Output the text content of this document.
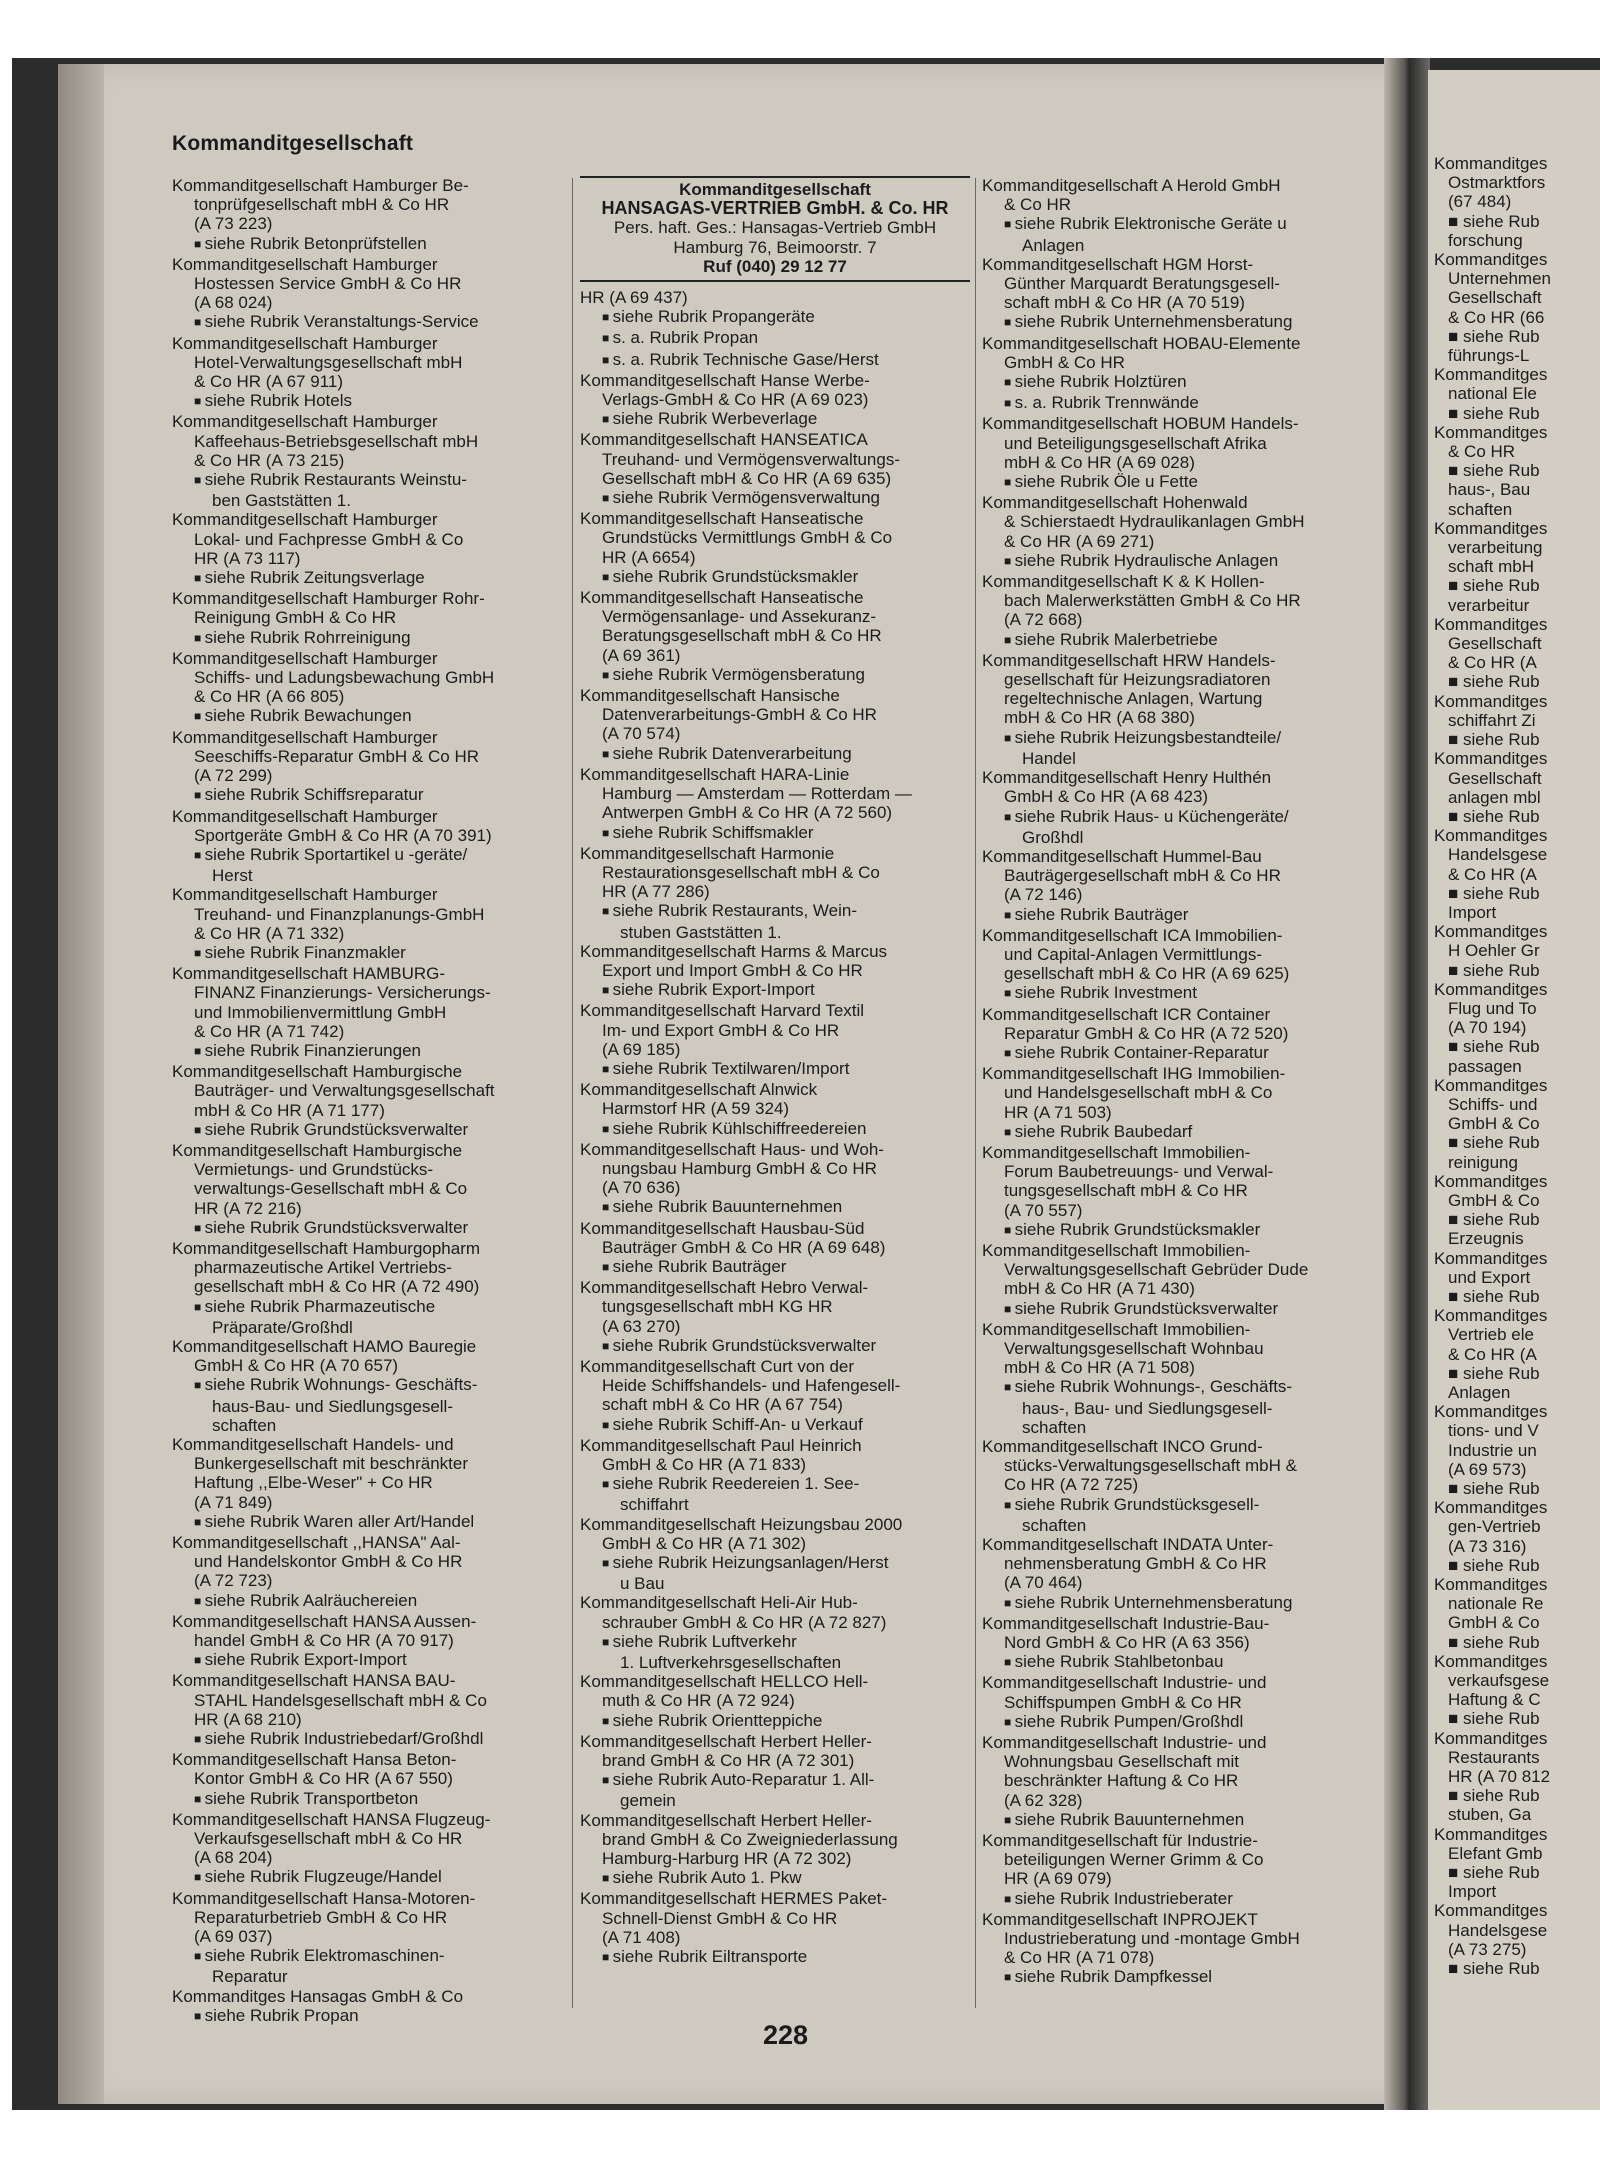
Kommanditgesellschaft
Kommanditgesellschaft Hamburger Be-
tonprüfgesellschaft mbH & Co HR
(A 73 223)
■ siehe Rubrik Betonprüfstellen
Kommanditgesellschaft Hamburger
Hostessen Service GmbH & Co HR
(A 68 024)
■ siehe Rubrik Veranstaltungs-Service
Kommanditgesellschaft Hamburger
Hotel-Verwaltungsgesellschaft mbH
& Co HR (A 67 911)
■ siehe Rubrik Hotels
Kommanditgesellschaft Hamburger
Kaffeehaus-Betriebsgesellschaft mbH
& Co HR (A 73 215)
■ siehe Rubrik Restaurants Weinstu-
ben Gaststätten 1.
Kommanditgesellschaft Hamburger
Lokal- und Fachpresse GmbH & Co
HR (A 73 117)
■ siehe Rubrik Zeitungsverlage
Kommanditgesellschaft Hamburger Rohr-
Reinigung GmbH & Co HR
■ siehe Rubrik Rohrreinigung
Kommanditgesellschaft Hamburger
Schiffs- und Ladungsbewachung GmbH
& Co HR (A 66 805)
■ siehe Rubrik Bewachungen
Kommanditgesellschaft Hamburger
Seeschiffs-Reparatur GmbH & Co HR
(A 72 299)
■ siehe Rubrik Schiffsreparatur
Kommanditgesellschaft Hamburger
Sportgeräte GmbH & Co HR (A 70 391)
■ siehe Rubrik Sportartikel u -geräte/
Herst
Kommanditgesellschaft Hamburger
Treuhand- und Finanzplanungs-GmbH
& Co HR (A 71 332)
■ siehe Rubrik Finanzmakler
Kommanditgesellschaft HAMBURG-
FINANZ Finanzierungs- Versicherungs-
und Immobilienvermittlung GmbH
& Co HR (A 71 742)
■ siehe Rubrik Finanzierungen
Kommanditgesellschaft Hamburgische
Bauträger- und Verwaltungsgesellschaft
mbH & Co HR (A 71 177)
■ siehe Rubrik Grundstücksverwalter
Kommanditgesellschaft Hamburgische
Vermietungs- und Grundstücks-
verwaltungs-Gesellschaft mbH & Co
HR (A 72 216)
■ siehe Rubrik Grundstücksverwalter
Kommanditgesellschaft Hamburgopharm
pharmazeutische Artikel Vertriebs-
gesellschaft mbH & Co HR (A 72 490)
■ siehe Rubrik Pharmazeutische
Präparate/Großhdl
Kommanditgesellschaft HAMO Bauregie
GmbH & Co HR (A 70 657)
■ siehe Rubrik Wohnungs- Geschäfts-
haus-Bau- und Siedlungsgesell-
schaften
Kommanditgesellschaft Handels- und
Bunkergesellschaft mit beschränkter
Haftung ,,Elbe-Weser" + Co HR
(A 71 849)
■ siehe Rubrik Waren aller Art/Handel
Kommanditgesellschaft ,,HANSA" Aal-
und Handelskontor GmbH & Co HR
(A 72 723)
■ siehe Rubrik Aalräuchereien
Kommanditgesellschaft HANSA Aussen-
handel GmbH & Co HR (A 70 917)
■ siehe Rubrik Export-Import
Kommanditgesellschaft HANSA BAU-
STAHL Handelsgesellschaft mbH & Co
HR (A 68 210)
■ siehe Rubrik Industriebedarf/Großhdl
Kommanditgesellschaft Hansa Beton-
Kontor GmbH & Co HR (A 67 550)
■ siehe Rubrik Transportbeton
Kommanditgesellschaft HANSA Flugzeug-
Verkaufsgesellschaft mbH & Co HR
(A 68 204)
■ siehe Rubrik Flugzeuge/Handel
Kommanditgesellschaft Hansa-Motoren-
Reparaturbetrieb GmbH & Co HR
(A 69 037)
■ siehe Rubrik Elektromaschinen-
Reparatur
Kommanditges Hansagas GmbH & Co
■ siehe Rubrik Propan
Kommanditgesellschaft
HANSAGAS-VERTRIEB GmbH. & Co. HR
Pers. haft. Ges.: Hansagas-Vertrieb GmbH
Hamburg 76, Beimoorstr. 7
Ruf (040) 29 12 77
HR (A 69 437)
■ siehe Rubrik Propangeräte
■ s. a. Rubrik Propan
■ s. a. Rubrik Technische Gase/Herst
Kommanditgesellschaft Hanse Werbe-
Verlags-GmbH & Co HR (A 69 023)
■ siehe Rubrik Werbeverlage
Kommanditgesellschaft HANSEATICA
Treuhand- und Vermögensverwaltungs-
Gesellschaft mbH & Co HR (A 69 635)
■ siehe Rubrik Vermögensverwaltung
Kommanditgesellschaft Hanseatische
Grundstücks Vermittlungs GmbH & Co
HR (A 6654)
■ siehe Rubrik Grundstücksmakler
Kommanditgesellschaft Hanseatische
Vermögensanlage- und Assekuranz-
Beratungsgesellschaft mbH & Co HR
(A 69 361)
■ siehe Rubrik Vermögensberatung
Kommanditgesellschaft Hansische
Datenverarbeitungs-GmbH & Co HR
(A 70 574)
■ siehe Rubrik Datenverarbeitung
Kommanditgesellschaft HARA-Linie
Hamburg — Amsterdam — Rotterdam —
Antwerpen GmbH & Co HR (A 72 560)
■ siehe Rubrik Schiffsmakler
Kommanditgesellschaft Harmonie
Restaurationsgesellschaft mbH & Co
HR (A 77 286)
■ siehe Rubrik Restaurants, Wein-
stuben Gaststätten 1.
Kommanditgesellschaft Harms & Marcus
Export und Import GmbH & Co HR
■ siehe Rubrik Export-Import
Kommanditgesellschaft Harvard Textil
Im- und Export GmbH & Co HR
(A 69 185)
■ siehe Rubrik Textilwaren/Import
Kommanditgesellschaft Alnwick
Harmstorf HR (A 59 324)
■ siehe Rubrik Kühlschiffreedereien
Kommanditgesellschaft Haus- und Woh-
nungsbau Hamburg GmbH & Co HR
(A 70 636)
■ siehe Rubrik Bauunternehmen
Kommanditgesellschaft Hausbau-Süd
Bauträger GmbH & Co HR (A 69 648)
■ siehe Rubrik Bauträger
Kommanditgesellschaft Hebro Verwal-
tungsgesellschaft mbH KG HR
(A 63 270)
■ siehe Rubrik Grundstücksverwalter
Kommanditgesellschaft Curt von der
Heide Schiffshandels- und Hafengesell-
schaft mbH & Co HR (A 67 754)
■ siehe Rubrik Schiff-An- u Verkauf
Kommanditgesellschaft Paul Heinrich
GmbH & Co HR (A 71 833)
■ siehe Rubrik Reedereien 1. See-
schiffahrt
Kommanditgesellschaft Heizungsbau 2000
GmbH & Co HR (A 71 302)
■ siehe Rubrik Heizungsanlagen/Herst
u Bau
Kommanditgesellschaft Heli-Air Hub-
schrauber GmbH & Co HR (A 72 827)
■ siehe Rubrik Luftverkehr
1. Luftverkehrsgesellschaften
Kommanditgesellschaft HELLCO Hell-
muth & Co HR (A 72 924)
■ siehe Rubrik Orientteppiche
Kommanditgesellschaft Herbert Heller-
brand GmbH & Co HR (A 72 301)
■ siehe Rubrik Auto-Reparatur 1. All-
gemein
Kommanditgesellschaft Herbert Heller-
brand GmbH & Co Zweigniederlassung
Hamburg-Harburg HR (A 72 302)
■ siehe Rubrik Auto 1. Pkw
Kommanditgesellschaft HERMES Paket-
Schnell-Dienst GmbH & Co HR
(A 71 408)
■ siehe Rubrik Eiltransporte
Kommanditgesellschaft A Herold GmbH
& Co HR
■ siehe Rubrik Elektronische Geräte u
Anlagen
Kommanditgesellschaft HGM Horst-
Günther Marquardt Beratungsgesell-
schaft mbH & Co HR (A 70 519)
■ siehe Rubrik Unternehmensberatung
Kommanditgesellschaft HOBAU-Elemente
GmbH & Co HR
■ siehe Rubrik Holztüren
■ s. a. Rubrik Trennwände
Kommanditgesellschaft HOBUM Handels-
und Beteiligungsgesellschaft Afrika
mbH & Co HR (A 69 028)
■ siehe Rubrik Öle u Fette
Kommanditgesellschaft Hohenwald
& Schierstaedt Hydraulikanlagen GmbH
& Co HR (A 69 271)
■ siehe Rubrik Hydraulische Anlagen
Kommanditgesellschaft K & K Hollen-
bach Malerwerkstätten GmbH & Co HR
(A 72 668)
■ siehe Rubrik Malerbetriebe
Kommanditgesellschaft HRW Handels-
gesellschaft für Heizungsradiatoren
regeltechnische Anlagen, Wartung
mbH & Co HR (A 68 380)
■ siehe Rubrik Heizungsbestandteile/
Handel
Kommanditgesellschaft Henry Hulthén
GmbH & Co HR (A 68 423)
■ siehe Rubrik Haus- u Küchengeräte/
Großhdl
Kommanditgesellschaft Hummel-Bau
Bauträgergesellschaft mbH & Co HR
(A 72 146)
■ siehe Rubrik Bauträger
Kommanditgesellschaft ICA Immobilien-
und Capital-Anlagen Vermittlungs-
gesellschaft mbH & Co HR (A 69 625)
■ siehe Rubrik Investment
Kommanditgesellschaft ICR Container
Reparatur GmbH & Co HR (A 72 520)
■ siehe Rubrik Container-Reparatur
Kommanditgesellschaft IHG Immobilien-
und Handelsgesellschaft mbH & Co
HR (A 71 503)
■ siehe Rubrik Baubedarf
Kommanditgesellschaft Immobilien-
Forum Baubetreuungs- und Verwal-
tungsgesellschaft mbH & Co HR
(A 70 557)
■ siehe Rubrik Grundstücksmakler
Kommanditgesellschaft Immobilien-
Verwaltungsgesellschaft Gebrüder Dude
mbH & Co HR (A 71 430)
■ siehe Rubrik Grundstücksverwalter
Kommanditgesellschaft Immobilien-
Verwaltungsgesellschaft Wohnbau
mbH & Co HR (A 71 508)
■ siehe Rubrik Wohnungs-, Geschäfts-
haus-, Bau- und Siedlungsgesell-
schaften
Kommanditgesellschaft INCO Grund-
stücks-Verwaltungsgesellschaft mbH &
Co HR (A 72 725)
■ siehe Rubrik Grundstücksgesell-
schaften
Kommanditgesellschaft INDATA Unter-
nehmensberatung GmbH & Co HR
(A 70 464)
■ siehe Rubrik Unternehmensberatung
Kommanditgesellschaft Industrie-Bau-
Nord GmbH & Co HR (A 63 356)
■ siehe Rubrik Stahlbetonbau
Kommanditgesellschaft Industrie- und
Schiffspumpen GmbH & Co HR
■ siehe Rubrik Pumpen/Großhdl
Kommanditgesellschaft Industrie- und
Wohnungsbau Gesellschaft mit
beschränkter Haftung & Co HR
(A 62 328)
■ siehe Rubrik Bauunternehmen
Kommanditgesellschaft für Industrie-
beteiligungen Werner Grimm & Co
HR (A 69 079)
■ siehe Rubrik Industrieberater
Kommanditgesellschaft INPROJEKT
Industrieberatung und -montage GmbH
& Co HR (A 71 078)
■ siehe Rubrik Dampfkessel
228
Kommanditges
Ostmarktfors
(67 484)
■ siehe Rub
forschung
Kommanditges
Unternehmen
Gesellschaft
& Co HR (66
■ siehe Rub
führungs-L
Kommanditges
national Ele
■ siehe Rub
Kommanditges
& Co HR
■ siehe Rub
haus-, Bau
schaften
Kommanditges
verarbeitung
schaft mbH
■ siehe Rub
verarbeitur
Kommanditges
Gesellschaft
& Co HR (A
■ siehe Rub
Kommanditges
schiffahrt Zi
■ siehe Rub
Kommanditges
Gesellschaft
anlagen mbl
■ siehe Rub
Kommanditges
Handelsgese
& Co HR (A
■ siehe Rub
Import
Kommanditges
H Oehler Gr
■ siehe Rub
Kommanditges
Flug und To
(A 70 194)
■ siehe Rub
passagen
Kommanditges
Schiffs- und
GmbH & Co
■ siehe Rub
reinigung
Kommanditges
GmbH & Co
■ siehe Rub
Erzeugnis
Kommanditges
und Export
■ siehe Rub
Kommanditges
Vertrieb ele
& Co HR (A
■ siehe Rub
Anlagen
Kommanditges
tions- und V
Industrie un
(A 69 573)
■ siehe Rub
Kommanditges
gen-Vertrieb
(A 73 316)
■ siehe Rub
Kommanditges
nationale Re
GmbH & Co
■ siehe Rub
Kommanditges
verkaufsgese
Haftung & C
■ siehe Rub
Kommanditges
Restaurants
HR (A 70 812
■ siehe Rub
stuben, Ga
Kommanditges
Elefant Gmb
■ siehe Rub
Import
Kommanditges
Handelsgese
(A 73 275)
■ siehe Rub
